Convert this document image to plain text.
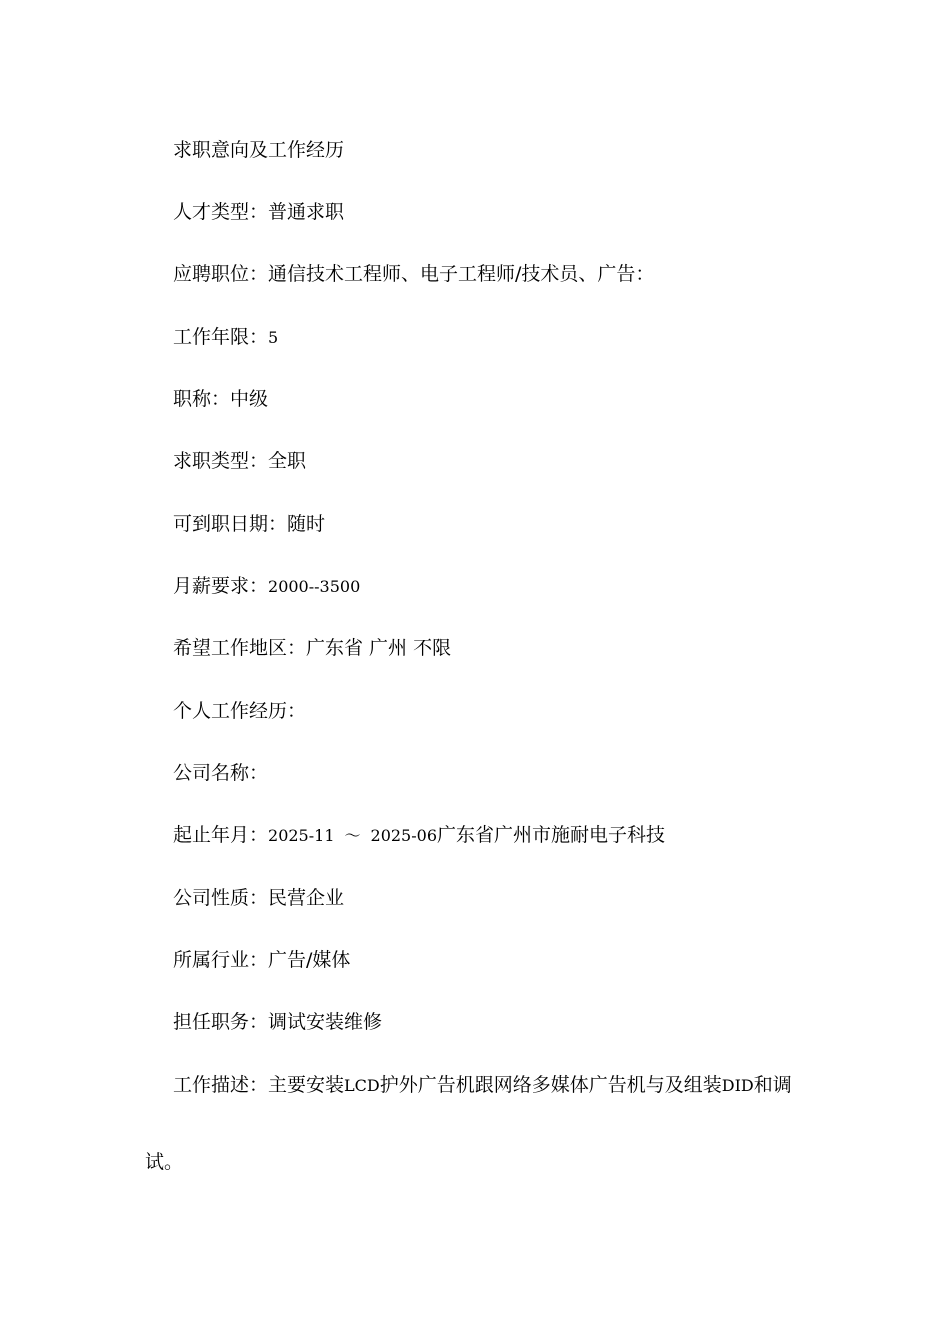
求职意向及工作经历
人才类型：普通求职
应聘职位：通信技术工程师、电子工程师/技术员、广告：
工作年限：5
职称：中级
求职类型：全职
可到职日期：随时
月薪要求：2000--3500
希望工作地区：广东省 广州 不限
个人工作经历：
公司名称：
起止年月：2025-11 ～ 2025-06广东省广州市施耐电子科技
公司性质：民营企业
所属行业：广告/媒体
担任职务：调试安装维修
工作描述：主要安装LCD护外广告机跟网络多媒体广告机与及组装DID和调
试。
